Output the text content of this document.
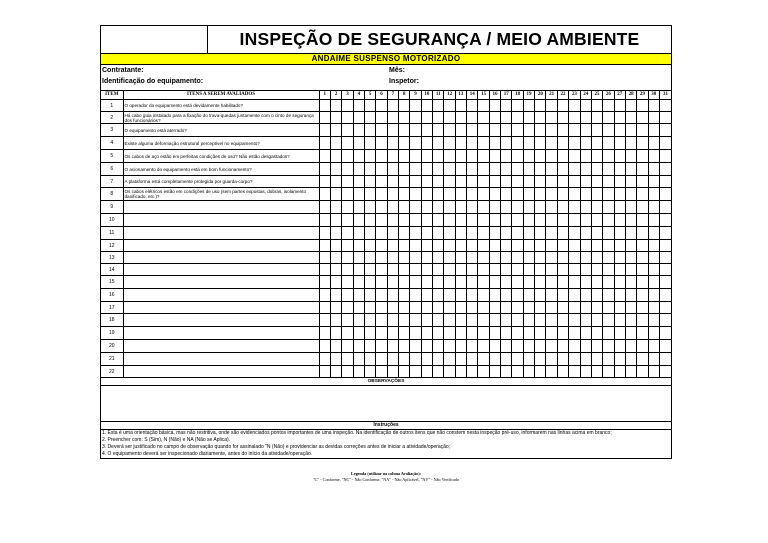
INSPEÇÃO DE SEGURANÇA / MEIO AMBIENTE
ANDAIME SUSPENSO MOTORIZADO
Contratante:	Mês:
Identificação do equipamento:	Inspetor:
ITEM	ITENS A SEREM AVALIADOS	1	2	3	4	5	6	7	8	9	10	11	12	13	14	15	16	17	18	19	20	21	22	23	24	25	26	27	28	29	30	31
1	O operador do equipamento está devidamente habilitado?																															
2	Há cabo guia instalado para a fixação do trava-quedas juntamente com o cinto de segurança dos funcionários?																															
3	O equipamento está aterrado?																															
4	Existe alguma deformação estrutural perceptível no equipamento?																															
5	Os cabos de aço estão em perfeitas condições de uso? Não estão desgastados?																															
6	O acionamento do equipamento está em bom funcionamento?																															
7	A plataforma está completamente protegida por guarda-corpo?																															
8	Os cabos elétricos estão em condições de uso (sem partes expostas, dobras, isolamento danificado, etc.)?																															
9																																
10																																
11																																
12																																
13																																
14																																
15																																
16																																
17																																
18																																
19																																
20																																
21																																
22																																
OBSERVAÇÕES
Instruções
1. Esta é uma orientação básica, mas não restritiva, onde são evidenciados pontos importantes de uma inspeção. Na identificação de outros itens que não constem nesta inspeção pré-uso, informarem nas linhas acima em branco;
2. Preencher com: S (Sim), N (Não) e NA (Não se Aplica).
3. Deverá ser justificado no campo de observação quando for assinalado "N (Não) e providenciar as devidas correções antes de iniciar a atividade/operação;
4. O equipamento deverá ser inspecionado diariamente, antes do início da atividade/operação.
Legenda (utilizar na coluna Avaliação):
"C" - Conforme, "NC" - Não Conforme, "NA" - Não Aplicável, "NV" - Não Verificado
